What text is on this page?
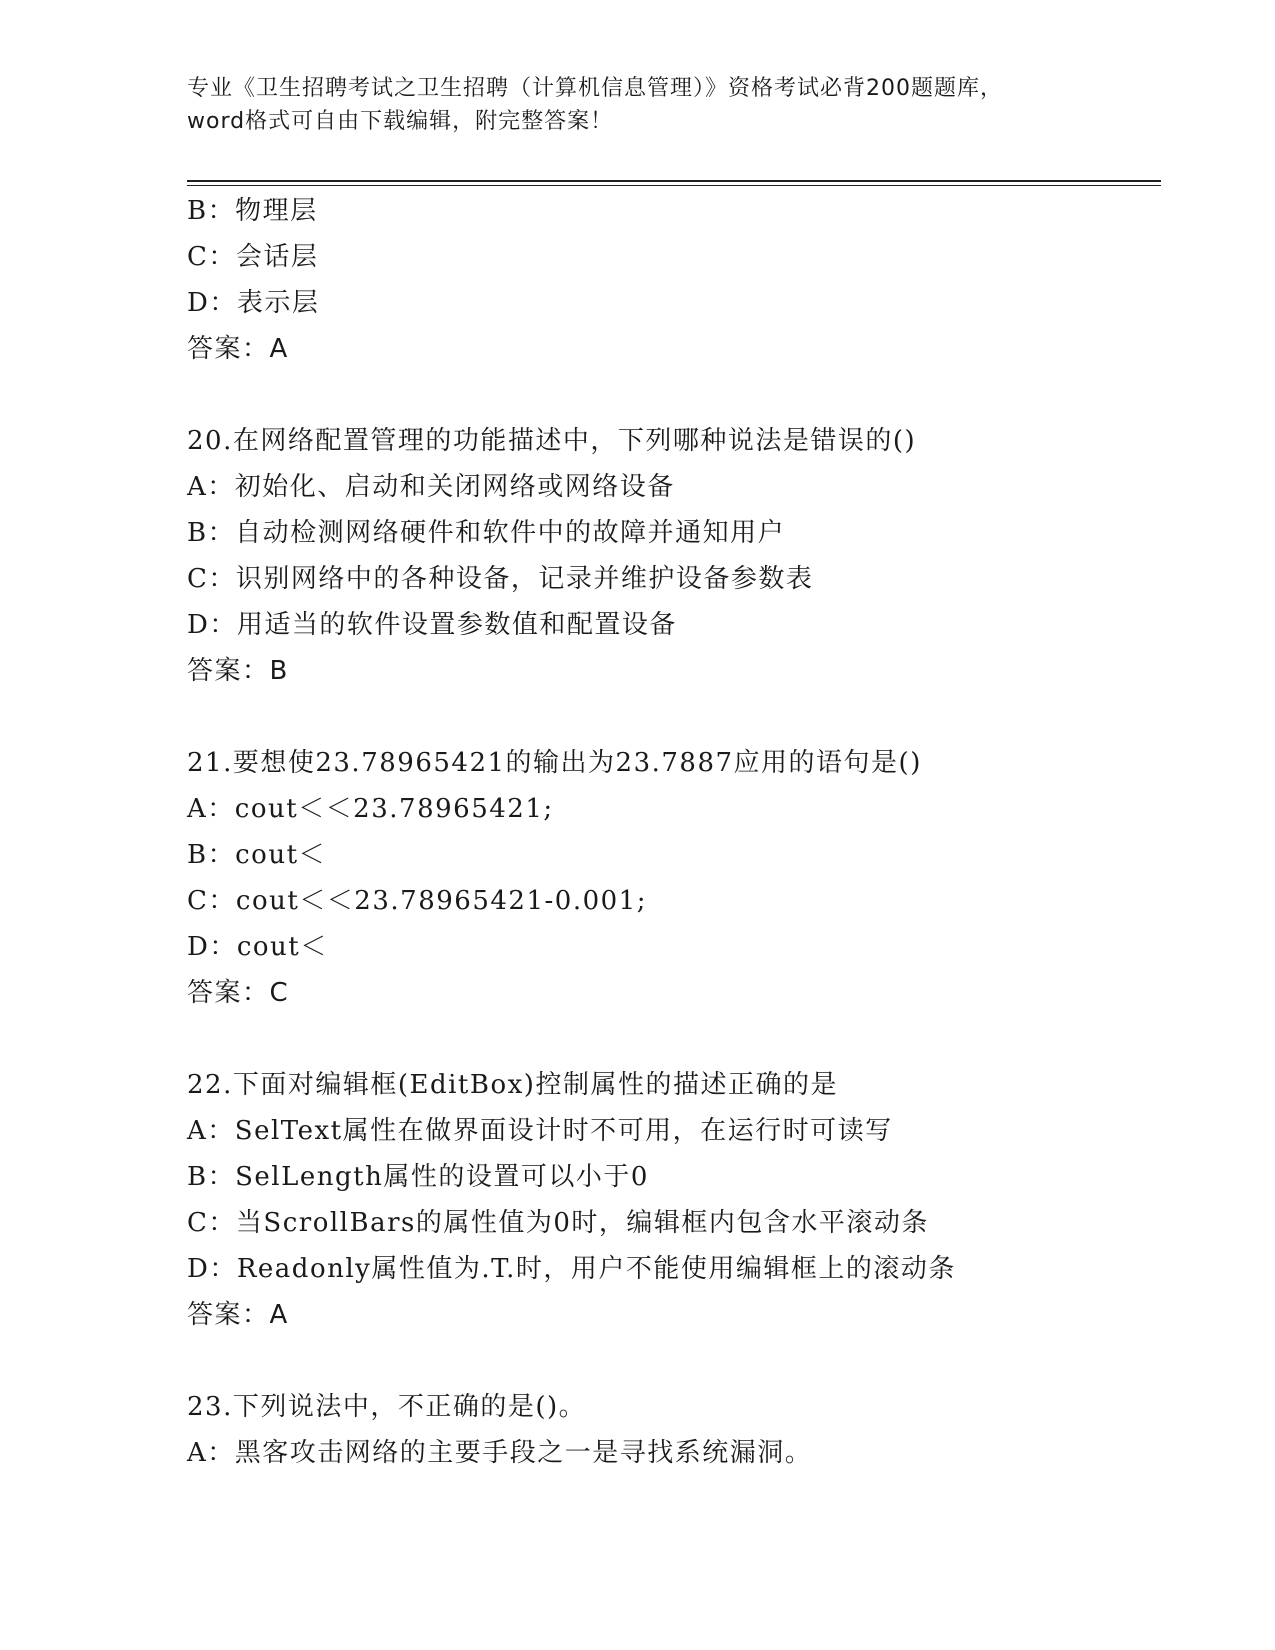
专业《卫生招聘考试之卫生招聘（计算机信息管理）》资格考试必背200题题库，
word格式可自由下载编辑，附完整答案！
B：物理层
C：会话层
D：表示层
答案：A
20.在网络配置管理的功能描述中，下列哪种说法是错误的()
A：初始化、启动和关闭网络或网络设备
B：自动检测网络硬件和软件中的故障并通知用户
C：识别网络中的各种设备，记录并维护设备参数表
D：用适当的软件设置参数值和配置设备
答案：B
21.要想使23.78965421的输出为23.7887应用的语句是()
A：cout＜＜23.78965421;
B：cout＜
C：cout＜＜23.78965421-0.001;
D：cout＜
答案：C
22.下面对编辑框(EditBox)控制属性的描述正确的是
A：SelText属性在做界面设计时不可用，在运行时可读写
B：SelLength属性的设置可以小于0
C：当ScrollBars的属性值为0时，编辑框内包含水平滚动条
D：Readonly属性值为.T.时，用户不能使用编辑框上的滚动条
答案：A
23.下列说法中，不正确的是()。
A：黑客攻击网络的主要手段之一是寻找系统漏洞。
